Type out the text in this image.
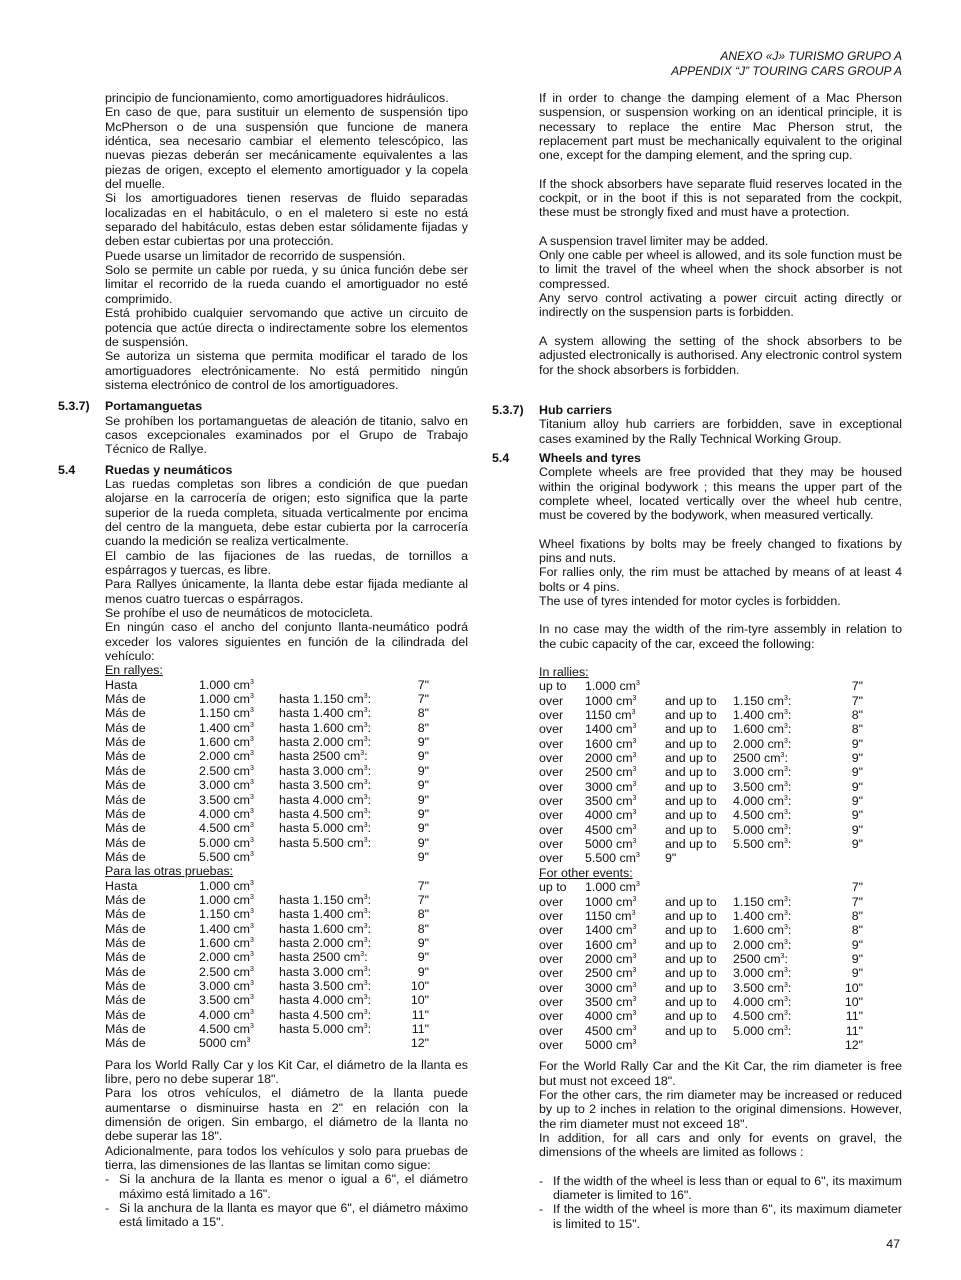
ANEXO «J» TURISMO GRUPO A
APPENDIX “J” TOURING CARS GROUP A

principio de funcionamiento, como amortiguadores hidráulicos.

En caso de que, para sustituir un elemento de suspensión tipo McPherson o de una suspensión que funcione de manera idéntica, sea necesario cambiar el elemento telescópico, las nuevas piezas deberán ser mecánicamente equivalentes a las piezas de origen, excepto el elemento amortiguador y la copela del muelle.

Si los amortiguadores tienen reservas de fluido separadas localizadas en el habitáculo, o en el maletero si este no está separado del habitáculo, estas deben estar sólidamente fijadas y deben estar cubiertas por una protección.

Puede usarse un limitador de recorrido de suspensión.

Solo se permite un cable por rueda, y su única función debe ser limitar el recorrido de la rueda cuando el amortiguador no esté comprimido.

Está prohibido cualquier servomando que active un circuito de potencia que actúe directa o indirectamente sobre los elementos de suspensión.

Se autoriza un sistema que permita modificar el tarado de los amortiguadores electrónicamente. No está permitido ningún sistema electrónico de control de los amortiguadores.

5.3.7) Portamanguetas

Se prohíben los portamanguetas de aleación de titanio, salvo en casos excepcionales examinados por el Grupo de Trabajo Técnico de Rallye.

5.4 Ruedas y neumáticos

Las ruedas completas son libres a condición de que puedan alojarse en la carrocería de origen; esto significa que la parte superior de la rueda completa, situada verticalmente por encima del centro de la mangueta, debe estar cubierta por la carrocería cuando la medición se realiza verticalmente.

El cambio de las fijaciones de las ruedas, de tornillos a espárragos y tuercas, es libre.

Para Rallyes únicamente, la llanta debe estar fijada mediante al menos cuatro tuercas o espárragos.

Se prohíbe el uso de neumáticos de motocicleta.

En ningún caso el ancho del conjunto llanta-neumático podrá exceder los valores siguientes en función de la cilindrada del vehículo:

En rallyes:

Hasta	1.000 $cm^3$		7"
Más de	1.000 $cm^3$	hasta 1.150 $cm^3$:	7"
Más de	1.150 $cm^3$	hasta 1.400 $cm^3$:	8"
Más de	1.400 $cm^3$	hasta 1.600 $cm^3$:	8"
Más de	1.600 $cm^3$	hasta 2.000 $cm^3$:	9"
Más de	2.000 $cm^3$	hasta 2500 $cm^3$:	9"
Más de	2.500 $cm^3$	hasta 3.000 $cm^3$:	9"
Más de	3.000 $cm^3$	hasta 3.500 $cm^3$:	9"
Más de	3.500 $cm^3$	hasta 4.000 $cm^3$:	9"
Más de	4.000 $cm^3$	hasta 4.500 $cm^3$:	9"
Más de	4.500 $cm^3$	hasta 5.000 $cm^3$:	9"
Más de	5.000 $cm^3$	hasta 5.500 $cm^3$:	9"
Más de	5.500 $cm^3$		9"

Para las otras pruebas:

Hasta	1.000 $cm^3$		7"
Más de	1.000 $cm^3$	hasta 1.150 $cm^3$:	7"
Más de	1.150 $cm^3$	hasta 1.400 $cm^3$:	8"
Más de	1.400 $cm^3$	hasta 1.600 $cm^3$:	8"
Más de	1.600 $cm^3$	hasta 2.000 $cm^3$:	9"
Más de	2.000 $cm^3$	hasta 2500 $cm^3$:	9"
Más de	2.500 $cm^3$	hasta 3.000 $cm^3$:	9"
Más de	3.000 $cm^3$	hasta 3.500 $cm^3$:	10"
Más de	3.500 $cm^3$	hasta 4.000 $cm^3$:	10"
Más de	4.000 $cm^3$	hasta 4.500 $cm^3$:	11"
Más de	4.500 $cm^3$	hasta 5.000 $cm^3$:	11"
Más de	5000 $cm^3$		12"

Para los World Rally Car y los Kit Car, el diámetro de la llanta es libre, pero no debe superar 18".

Para los otros vehículos, el diámetro de la llanta puede aumentarse o disminuirse hasta en 2" en relación con la dimensión de origen. Sin embargo, el diámetro de la llanta no debe superar las 18".

Adicionalmente, para todos los vehículos y solo para pruebas de tierra, las dimensiones de las llantas se limitan como sigue:

- Si la anchura de la llanta es menor o igual a 6", el diámetro máximo está limitado a 16".

- Si la anchura de la llanta es mayor que 6", el diámetro máximo está limitado a 15".

If in order to change the damping element of a Mac Pherson suspension, or suspension working on an identical principle, it is necessary to replace the entire Mac Pherson strut, the replacement part must be mechanically equivalent to the original one, except for the damping element, and the spring cup.

If the shock absorbers have separate fluid reserves located in the cockpit, or in the boot if this is not separated from the cockpit, these must be strongly fixed and must have a protection.

A suspension travel limiter may be added.

Only one cable per wheel is allowed, and its sole function must be to limit the travel of the wheel when the shock absorber is not compressed.

Any servo control activating a power circuit acting directly or indirectly on the suspension parts is forbidden.

A system allowing the setting of the shock absorbers to be adjusted electronically is authorised. Any electronic control system for the shock absorbers is forbidden.

5.3.7) Hub carriers

Titanium alloy hub carriers are forbidden, save in exceptional cases examined by the Rally Technical Working Group.

5.4 Wheels and tyres

Complete wheels are free provided that they may be housed within the original bodywork ; this means the upper part of the complete wheel, located vertically over the wheel hub centre, must be covered by the bodywork, when measured vertically.

Wheel fixations by bolts may be freely changed to fixations by pins and nuts.

For rallies only, the rim must be attached by means of at least 4 bolts or 4 pins.

The use of tyres intended for motor cycles is forbidden.

In no case may the width of the rim-tyre assembly in relation to the cubic capacity of the car, exceed the following:

In rallies:

up to	1.000 $cm^3$			7"
over	1000 $cm^3$	and up to	1.150 $cm^3$:	7"
over	1150 $cm^3$	and up to	1.400 $cm^3$:	8"
over	1400 $cm^3$	and up to	1.600 $cm^3$:	8"
over	1600 $cm^3$	and up to	2.000 $cm^3$:	9"
over	2000 $cm^3$	and up to	2500 $cm^3$:	9"
over	2500 $cm^3$	and up to	3.000 $cm^3$:	9"
over	3000 $cm^3$	and up to	3.500 $cm^3$:	9"
over	3500 $cm^3$	and up to	4.000 $cm^3$:	9"
over	4000 $cm^3$	and up to	4.500 $cm^3$:	9"
over	4500 $cm^3$	and up to	5.000 $cm^3$:	9"
over	5000 $cm^3$	and up to	5.500 $cm^3$:	9"
over	5.500 $cm^3$	9"

For other events:

up to	1.000 $cm^3$			7"
over	1000 $cm^3$	and up to	1.150 $cm^3$:	7"
over	1150 $cm^3$	and up to	1.400 $cm^3$:	8"
over	1400 $cm^3$	and up to	1.600 $cm^3$:	8"
over	1600 $cm^3$	and up to	2.000 $cm^3$:	9"
over	2000 $cm^3$	and up to	2500 $cm^3$:	9"
over	2500 $cm^3$	and up to	3.000 $cm^3$:	9"
over	3000 $cm^3$	and up to	3.500 $cm^3$:	10"
over	3500 $cm^3$	and up to	4.000 $cm^3$:	10"
over	4000 $cm^3$	and up to	4.500 $cm^3$:	11"
over	4500 $cm^3$	and up to	5.000 $cm^3$:	11"
over	5000 $cm^3$			12"

For the World Rally Car and the Kit Car, the rim diameter is free but must not exceed 18".

For the other cars, the rim diameter may be increased or reduced by up to 2 inches in relation to the original dimensions. However, the rim diameter must not exceed 18".

In addition, for all cars and only for events on gravel, the dimensions of the wheels are limited as follows :

- If the width of the wheel is less than or equal to 6", its maximum diameter is limited to 16".

- If the width of the wheel is more than 6", its maximum diameter is limited to 15".

47
